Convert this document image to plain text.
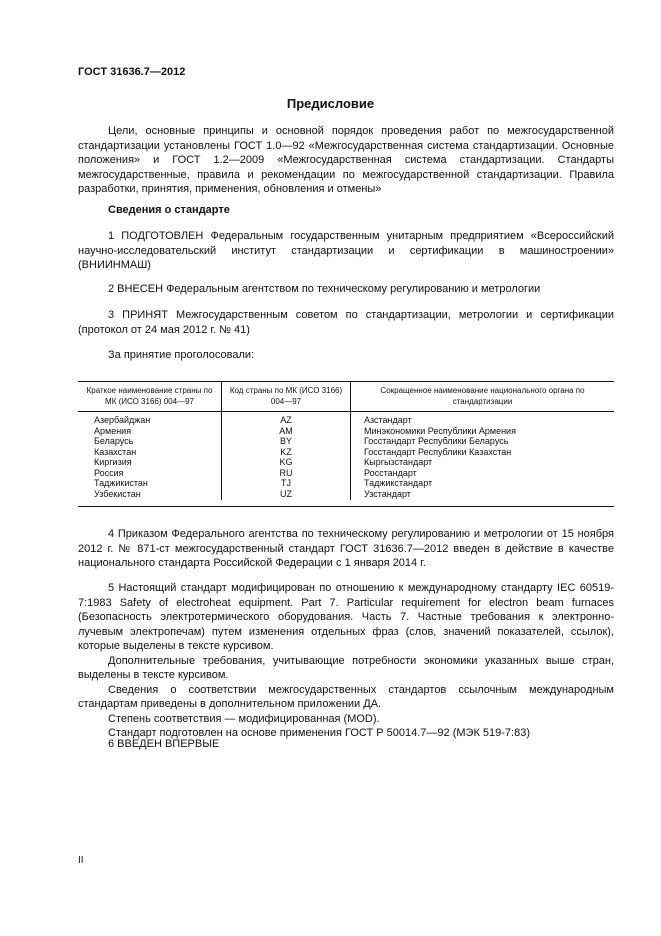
ГОСТ 31636.7—2012
Предисловие

Цели, основные принципы и основной порядок проведения работ по межгосударственной стандартизации установлены ГОСТ 1.0—92 «Межгосударственная система стандартизации. Основные положения» и ГОСТ 1.2—2009 «Межгосударственная система стандартизации. Стандарты межгосударственные, правила и рекомендации по межгосударственной стандартизации. Правила разработки, принятия, применения, обновления и отмены»

Сведения о стандарте

1 ПОДГОТОВЛЕН Федеральным государственным унитарным предприятием «Всероссийский научно-исследовательский институт стандартизации и сертификации в машиностроении» (ВНИИНМАШ)

2 ВНЕСЕН Федеральным агентством по техническому регулированию и метрологии

3 ПРИНЯТ Межгосударственным советом по стандартизации, метрологии и сертификации (протокол от 24 мая 2012 г. № 41)

За принятие проголосовали:

Краткое наименование страны по МК (ИСО 3166) 004—97	Код страны по МК (ИСО 3166) 004—97	Сокращенное наименование национального органа по стандартизации
Азербайджан	AZ	Азстандарт
Армения	AM	Минэкономики Республики Армения
Беларусь	BY	Госстандарт Республики Беларусь
Казахстан	KZ	Госстандарт Республики Казахстан
Киргизия	KG	Кыргызстандарт
Россия	RU	Росстандарт
Таджикистан	TJ	Таджикстандарт
Узбекистан	UZ	Узстандарт

4 Приказом Федерального агентства по техническому регулированию и метрологии от 15 ноября 2012 г. № 871-ст межгосударственный стандарт ГОСТ 31636.7—2012 введен в действие в качестве национального стандарта Российской Федерации с 1 января 2014 г.

5 Настоящий стандарт модифицирован по отношению к международному стандарту IEC 60519-7:1983 Safety of electroheat equipment. Part 7. Particular requirement for electron beam furnaces (Безопасность электротермического оборудования. Часть 7. Частные требования к электронно-лучевым электропечам) путем изменения отдельных фраз (слов, значений показателей, ссылок), которые выделены в тексте курсивом.

Дополнительные требования, учитывающие потребности экономики указанных выше стран, выделены в тексте курсивом.

Сведения о соответствии межгосударственных стандартов ссылочным международным стандартам приведены в дополнительном приложении ДА.

Степень соответствия — модифицированная (MOD).

Стандарт подготовлен на основе применения ГОСТ Р 50014.7—92 (МЭК 519-7:83)

6 ВВЕДЕН ВПЕРВЫЕ

II
